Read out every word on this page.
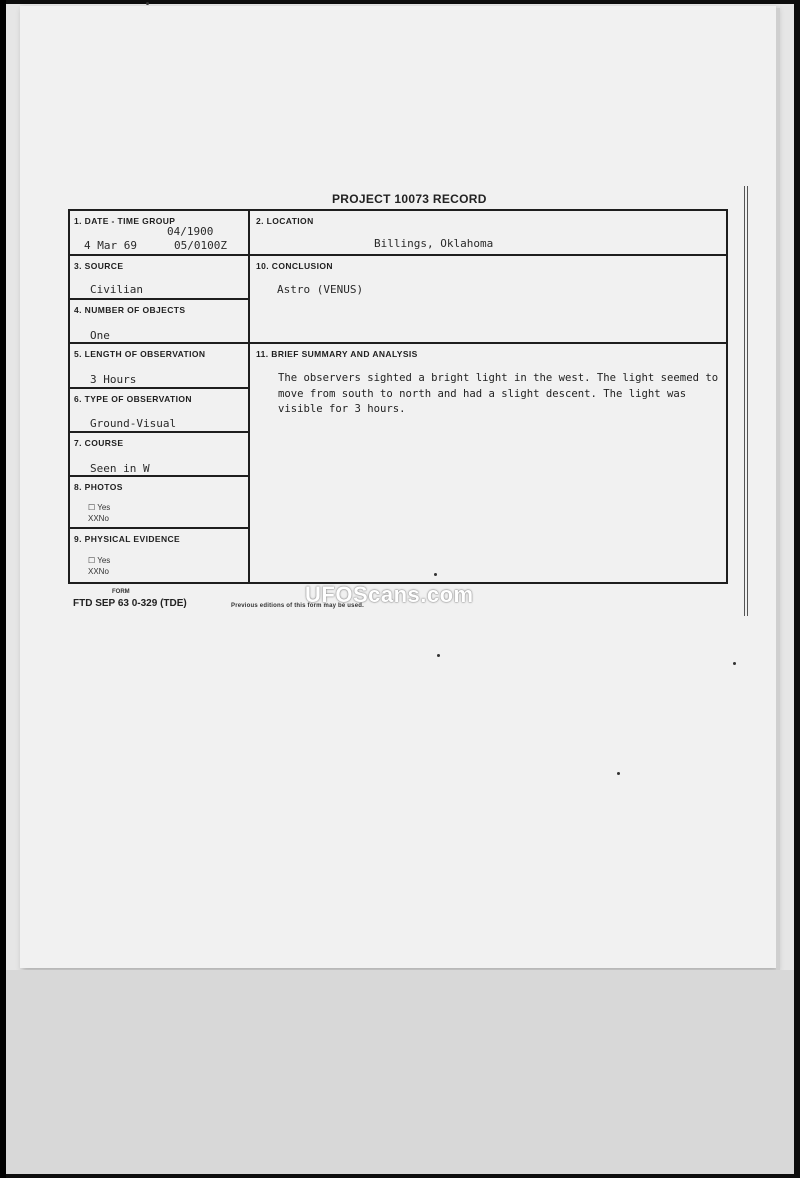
PROJECT 10073 RECORD
1. DATE - TIME GROUP
04/1900
4 Mar 69	05/0100Z
2. LOCATION
Billings, Oklahoma
3. SOURCE
Civilian
10. CONCLUSION
Astro (VENUS)
4. NUMBER OF OBJECTS
One
5. LENGTH OF OBSERVATION
3 Hours
11. BRIEF SUMMARY AND ANALYSIS
The observers sighted a bright light in the west. The light seemed to move from south to north and had a slight descent. The light was visible for 3 hours.
6. TYPE OF OBSERVATION
Ground-Visual
7. COURSE
Seen in W
8. PHOTOS
☐ Yes
XXNo
9. PHYSICAL EVIDENCE
☐ Yes
XXNo
FORM
FTD SEP 63 0-329 (TDE)	Previous editions of this form may be used.
UFOScans.com
